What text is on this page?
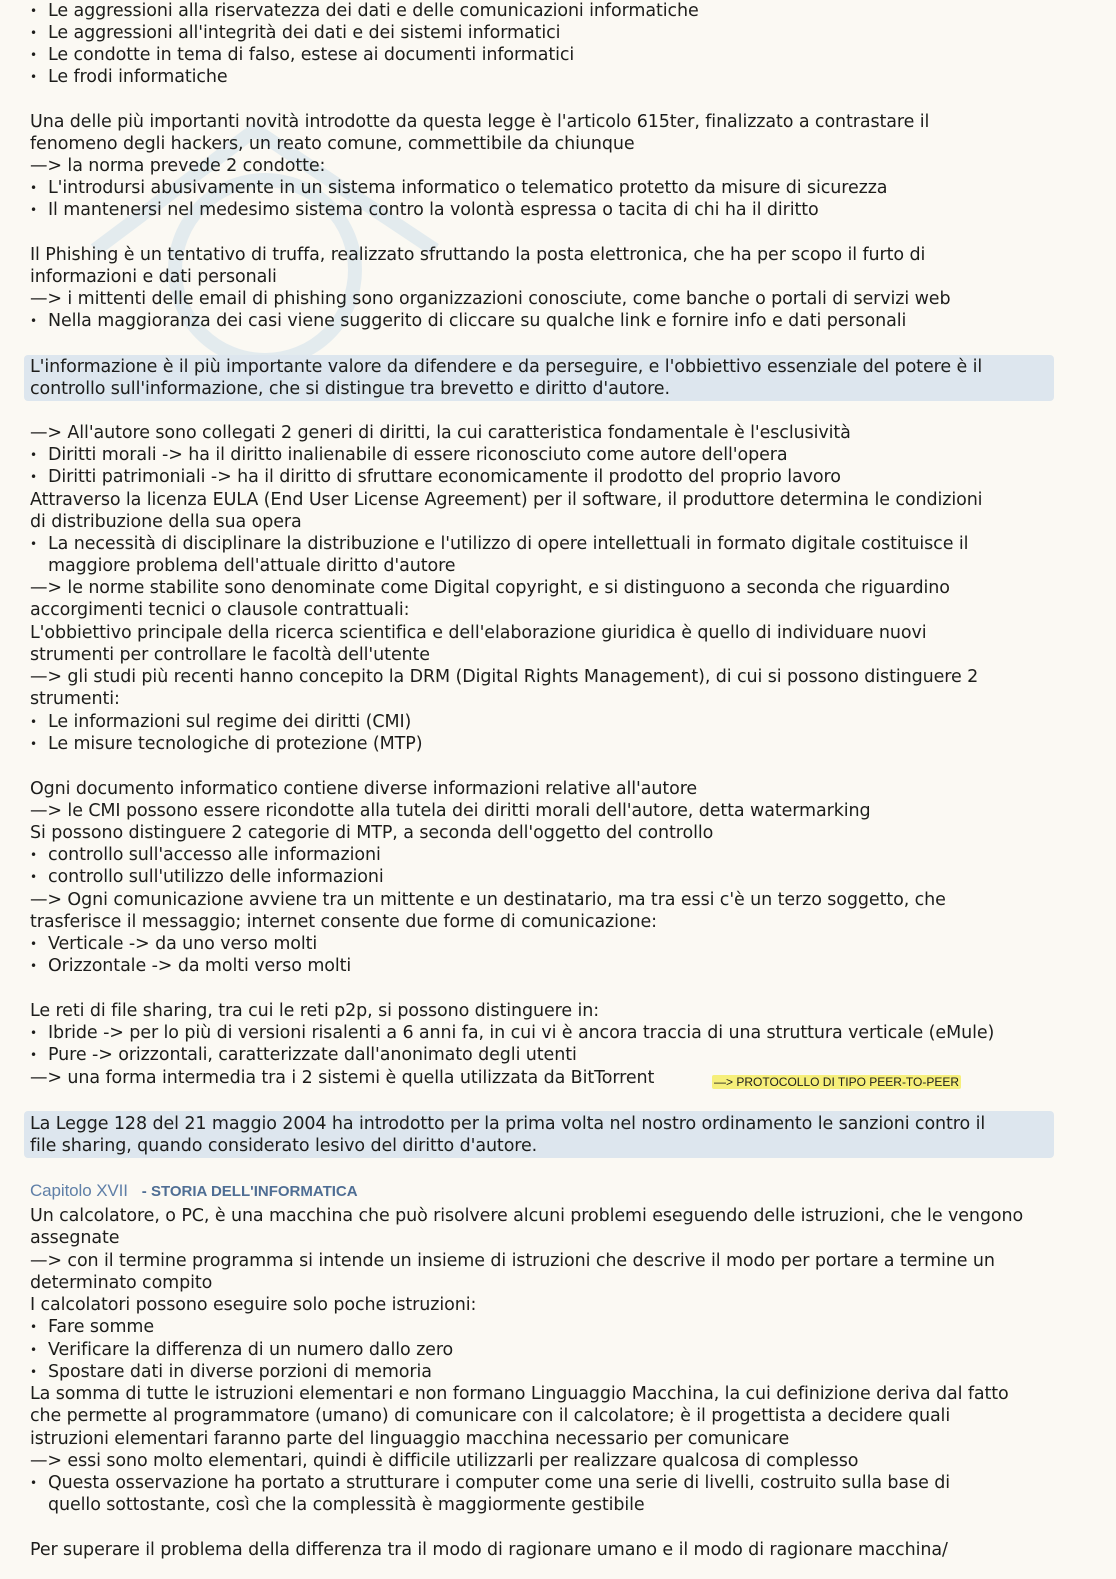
• Le aggressioni alla riservatezza dei dati e delle comunicazioni informatiche
• Le aggressioni all'integrità dei dati e dei sistemi informatici
• Le condotte in tema di falso, estese ai documenti informatici
• Le frodi informatiche
Una delle più importanti novità introdotte da questa legge è l'articolo 615ter, finalizzato a contrastare il
fenomeno degli hackers, un reato comune, commettibile da chiunque
—> la norma prevede 2 condotte:
• L'introdursi abusivamente in un sistema informatico o telematico protetto da misure di sicurezza
• Il mantenersi nel medesimo sistema contro la volontà espressa o tacita di chi ha il diritto
Il Phishing è un tentativo di truffa, realizzato sfruttando la posta elettronica, che ha per scopo il furto di
informazioni e dati personali
—> i mittenti delle email di phishing sono organizzazioni conosciute, come banche o portali di servizi web
• Nella maggioranza dei casi viene suggerito di cliccare su qualche link e fornire info e dati personali
L'informazione è il più importante valore da difendere e da perseguire, e l'obbiettivo essenziale del potere è il
controllo sull'informazione, che si distingue tra brevetto e diritto d'autore.
—> All'autore sono collegati 2 generi di diritti, la cui caratteristica fondamentale è l'esclusività
• Diritti morali -> ha il diritto inalienabile di essere riconosciuto come autore dell'opera
• Diritti patrimoniali -> ha il diritto di sfruttare economicamente il prodotto del proprio lavoro
Attraverso la licenza EULA (End User License Agreement) per il software, il produttore determina le condizioni
di distribuzione della sua opera
• La necessità di disciplinare la distribuzione e l'utilizzo di opere intellettuali in formato digitale costituisce il
maggiore problema dell'attuale diritto d'autore
—> le norme stabilite sono denominate come Digital copyright, e si distinguono a seconda che riguardino
accorgimenti tecnici o clausole contrattuali:
L'obbiettivo principale della ricerca scientifica e dell'elaborazione giuridica è quello di individuare nuovi
strumenti per controllare le facoltà dell'utente
—> gli studi più recenti hanno concepito la DRM (Digital Rights Management), di cui si possono distinguere 2
strumenti:
• Le informazioni sul regime dei diritti (CMI)
• Le misure tecnologiche di protezione (MTP)
Ogni documento informatico contiene diverse informazioni relative all'autore
—> le CMI possono essere ricondotte alla tutela dei diritti morali dell'autore, detta watermarking
Si possono distinguere 2 categorie di MTP, a seconda dell'oggetto del controllo
• controllo sull'accesso alle informazioni
• controllo sull'utilizzo delle informazioni
—> Ogni comunicazione avviene tra un mittente e un destinatario, ma tra essi c'è un terzo soggetto, che
trasferisce il messaggio; internet consente due forme di comunicazione:
• Verticale -> da uno verso molti
• Orizzontale -> da molti verso molti
Le reti di file sharing, tra cui le reti p2p, si possono distinguere in:
• Ibride -> per lo più di versioni risalenti a 6 anni fa, in cui vi è ancora traccia di una struttura verticale (eMule)
• Pure -> orizzontali, caratterizzate dall'anonimato degli utenti
—> una forma intermedia tra i 2 sistemi è quella utilizzata da BitTorrent	—> PROTOCOLLO DI TIPO PEER-TO-PEER
La Legge 128 del 21 maggio 2004 ha introdotto per la prima volta nel nostro ordinamento le sanzioni contro il
file sharing, quando considerato lesivo del diritto d'autore.
Capitolo XVII - STORIA DELL'INFORMATICA
Un calcolatore, o PC, è una macchina che può risolvere alcuni problemi eseguendo delle istruzioni, che le vengono
assegnate
—> con il termine programma si intende un insieme di istruzioni che descrive il modo per portare a termine un
determinato compito
I calcolatori possono eseguire solo poche istruzioni:
• Fare somme
• Verificare la differenza di un numero dallo zero
• Spostare dati in diverse porzioni di memoria
La somma di tutte le istruzioni elementari e non formano Linguaggio Macchina, la cui definizione deriva dal fatto
che permette al programmatore (umano) di comunicare con il calcolatore; è il progettista a decidere quali
istruzioni elementari faranno parte del linguaggio macchina necessario per comunicare
—> essi sono molto elementari, quindi è difficile utilizzarli per realizzare qualcosa di complesso
• Questa osservazione ha portato a strutturare i computer come una serie di livelli, costruito sulla base di
quello sottostante, così che la complessità è maggiormente gestibile
Per superare il problema della differenza tra il modo di ragionare umano e il modo di ragionare macchina/
